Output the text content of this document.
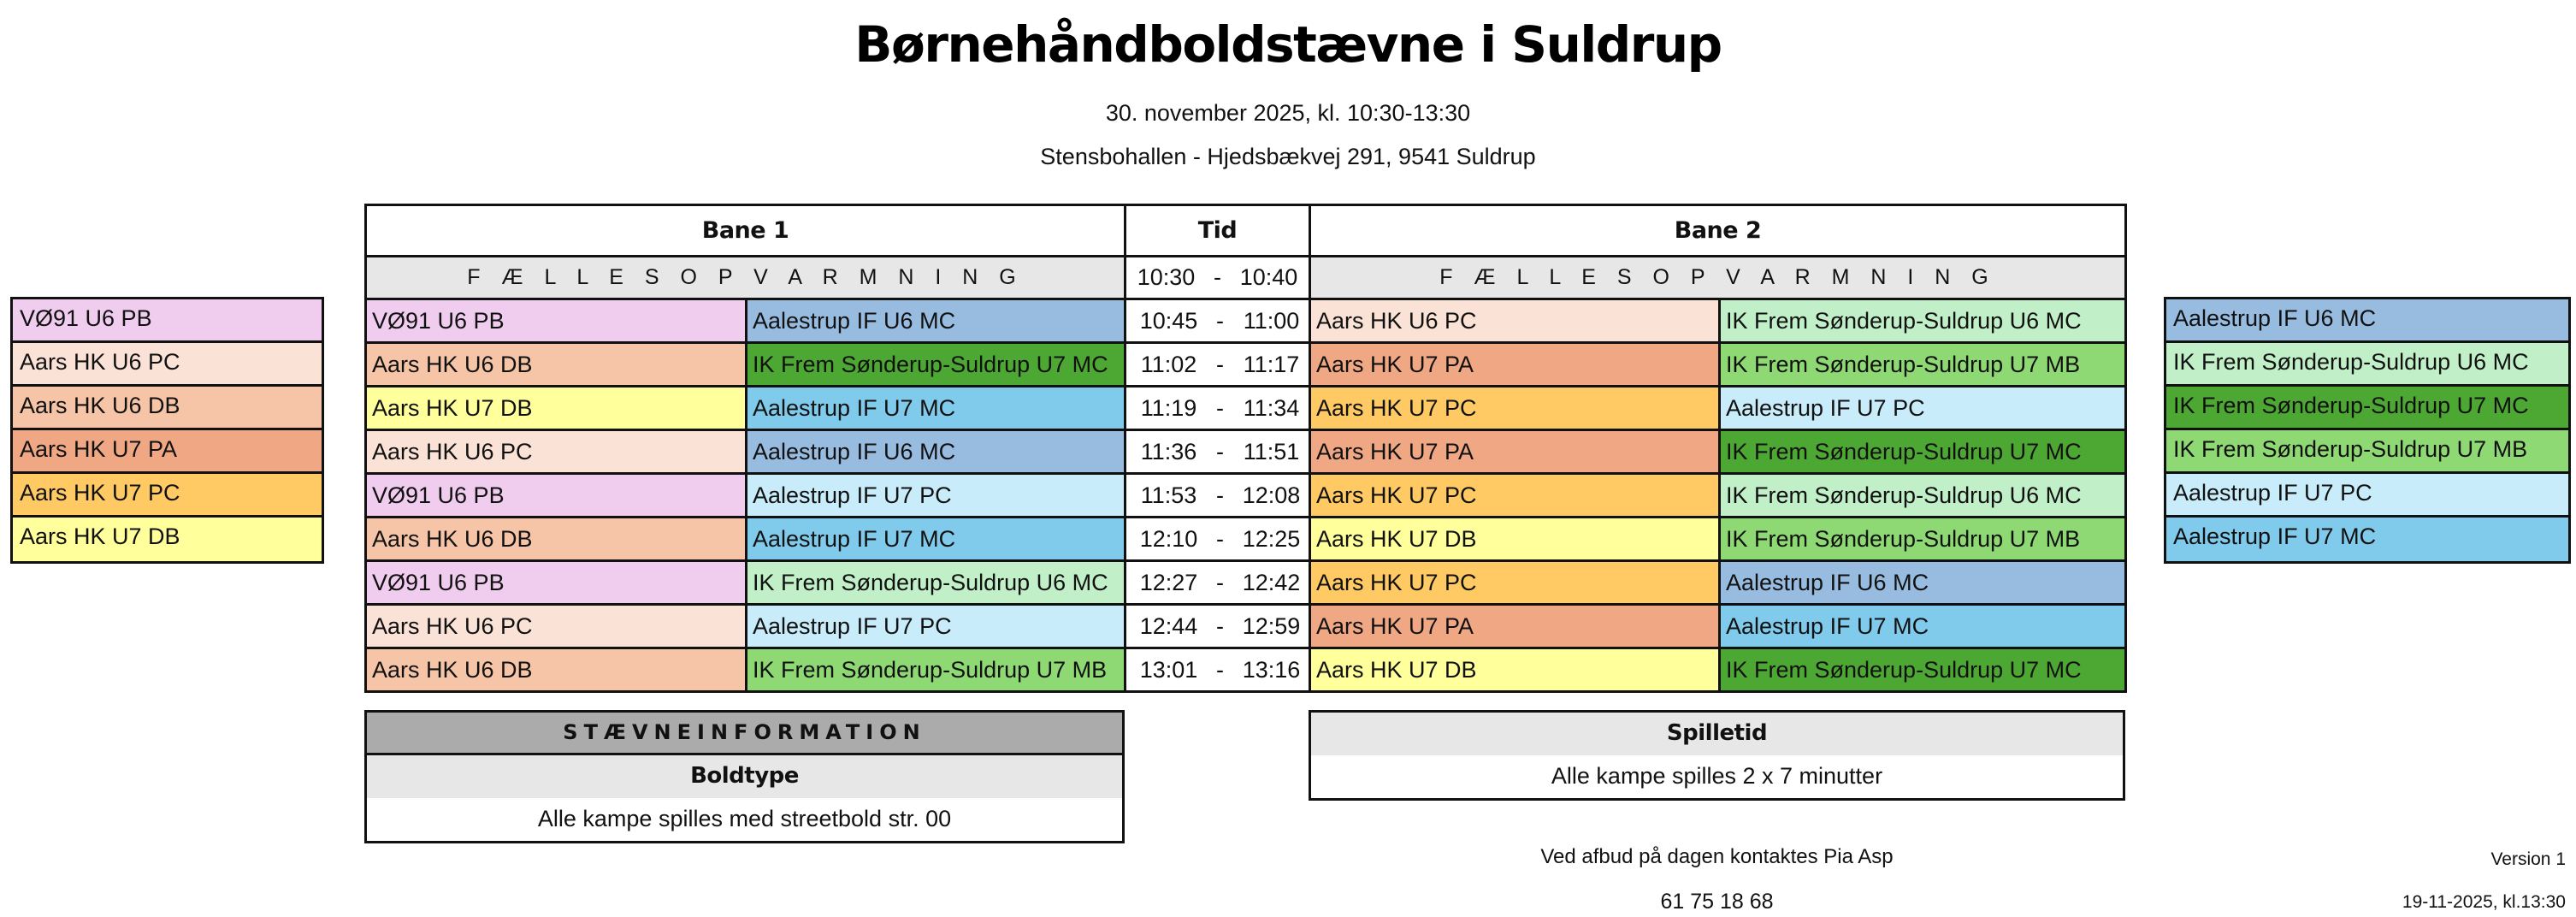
Børnehåndboldstævne i Suldrup
30. november 2025, kl. 10:30-13:30
Stensbohallen - Hjedsbækvej 291, 9541 Suldrup
VØ91 U6 PB
Aars HK U6 PC
Aars HK U6 DB
Aars HK U7 PA
Aars HK U7 PC
Aars HK U7 DB
Bane 1		Tid	Bane 2	
F Æ L L E S O P V A R M N I N G		10:30 - 10:40	F Æ L L E S O P V A R M N I N G	
VØ91 U6 PB	Aalestrup IF U6 MC	10:45 - 11:00	Aars HK U6 PC	IK Frem Sønderup-Suldrup U6 MC
Aars HK U6 DB	IK Frem Sønderup-Suldrup U7 MC	11:02 - 11:17	Aars HK U7 PA	IK Frem Sønderup-Suldrup U7 MB
Aars HK U7 DB	Aalestrup IF U7 MC	11:19 - 11:34	Aars HK U7 PC	Aalestrup IF U7 PC
Aars HK U6 PC	Aalestrup IF U6 MC	11:36 - 11:51	Aars HK U7 PA	IK Frem Sønderup-Suldrup U7 MC
VØ91 U6 PB	Aalestrup IF U7 PC	11:53 - 12:08	Aars HK U7 PC	IK Frem Sønderup-Suldrup U6 MC
Aars HK U6 DB	Aalestrup IF U7 MC	12:10 - 12:25	Aars HK U7 DB	IK Frem Sønderup-Suldrup U7 MB
VØ91 U6 PB	IK Frem Sønderup-Suldrup U6 MC	12:27 - 12:42	Aars HK U7 PC	Aalestrup IF U6 MC
Aars HK U6 PC	Aalestrup IF U7 PC	12:44 - 12:59	Aars HK U7 PA	Aalestrup IF U7 MC
Aars HK U6 DB	IK Frem Sønderup-Suldrup U7 MB	13:01 - 13:16	Aars HK U7 DB	IK Frem Sønderup-Suldrup U7 MC
Aalestrup IF U6 MC
IK Frem Sønderup-Suldrup U6 MC
IK Frem Sønderup-Suldrup U7 MC
IK Frem Sønderup-Suldrup U7 MB
Aalestrup IF U7 PC
Aalestrup IF U7 MC
STÆVNEINFORMATION
Boldtype
Alle kampe spilles med streetbold str. 00
Spilletid
Alle kampe spilles 2 x 7 minutter
Ved afbud på dagen kontaktes Pia Asp
61 75 18 68
Version 1
19-11-2025, kl.13:30
